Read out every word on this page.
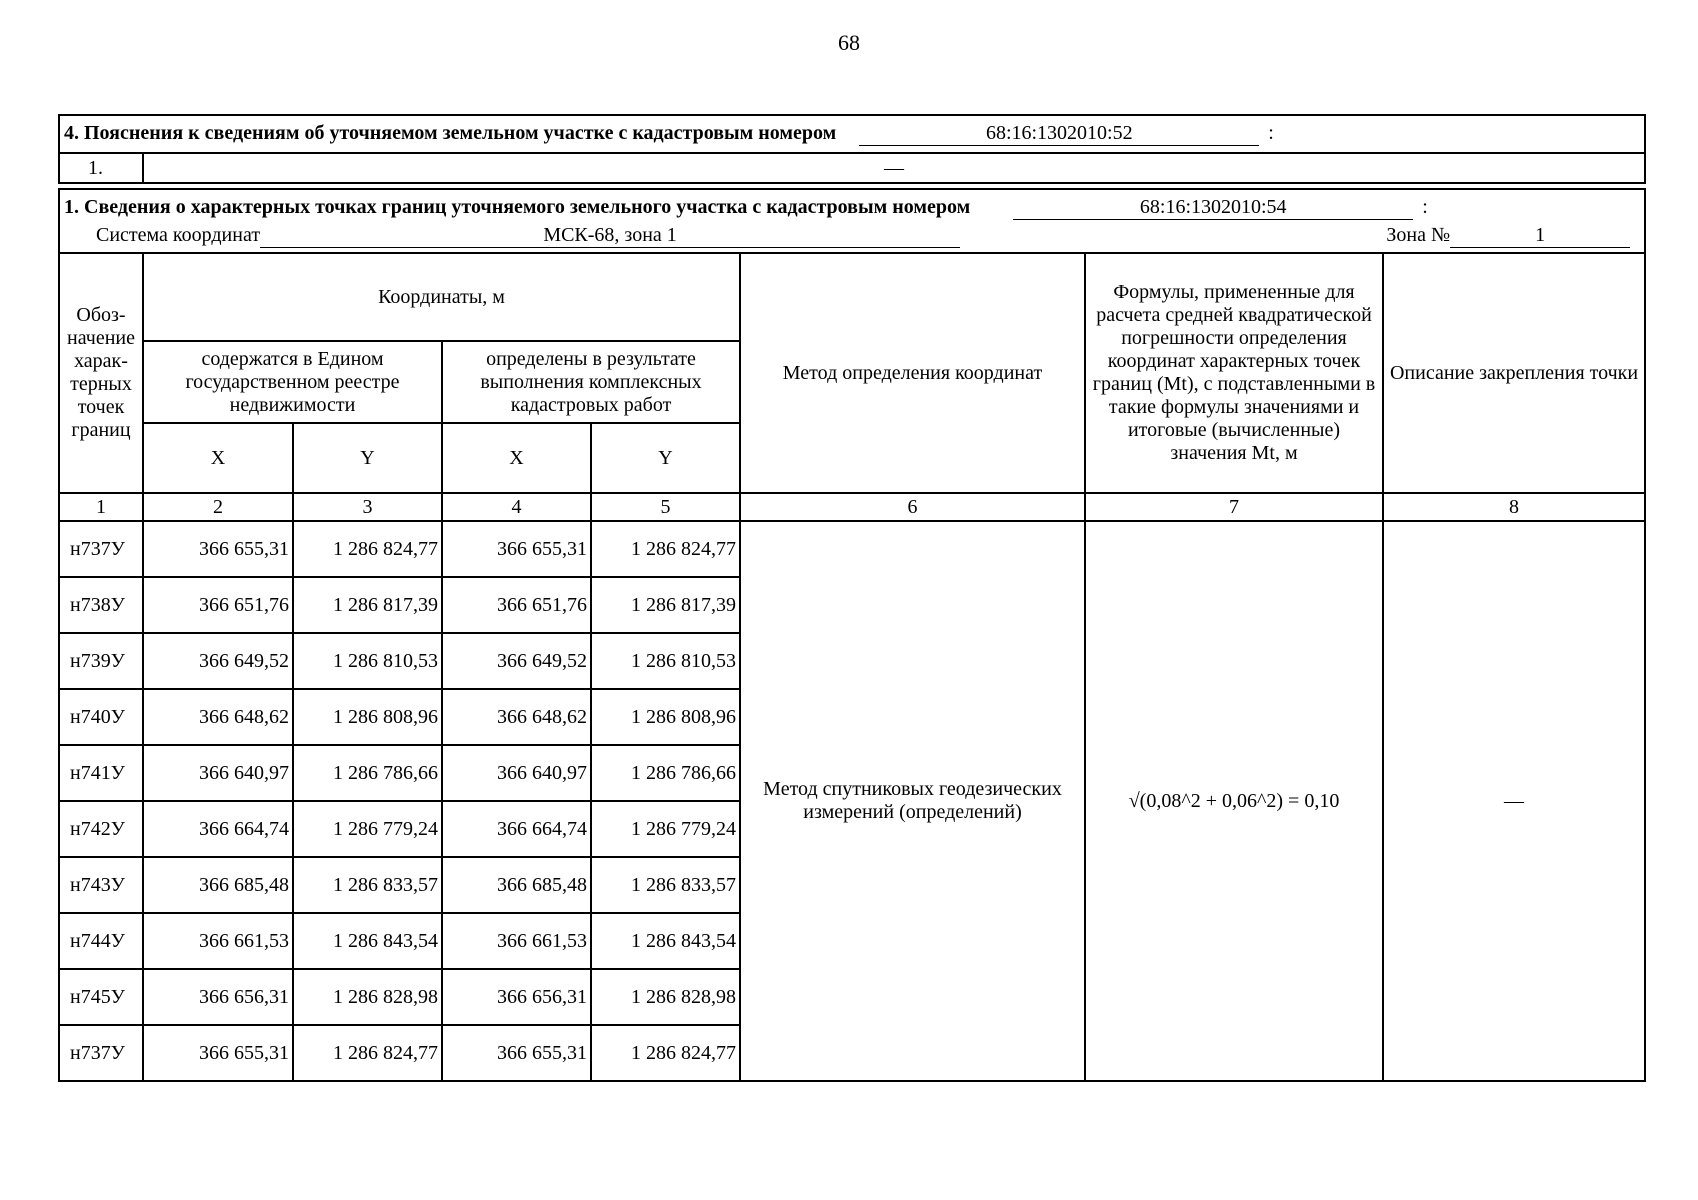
68
4. Пояснения к сведениям об уточняемом земельном участке с кадастровым номером 68:16:1302010:52 :							
1.	—						

1. Сведения о характерных точках границ уточняемого земельного участка с кадастровым номером 68:16:1302010:54 :
Система координат МСК-68, зона 1 Зона № 1							

Обоз-начение харак-терных точек границ	Координаты, м				Метод определения координат	Формулы, примененные для расчета средней квадратической погрешности определения координат характерных точек границ (Mt), с подставленными в такие формулы значениями и итоговые (вычисленные) значения Mt, м	Описание закрепления точки
	содержатся в Едином государственном реестре недвижимости		определены в результате выполнения комплексных кадастровых работ				
	X	Y	X	Y			
1	2	3	4	5	6	7	8
н737У	366 655,31	1 286 824,77	366 655,31	1 286 824,77	Метод спутниковых геодезических измерений (определений)	√(0,08^2 + 0,06^2) = 0,10	—
н738У	366 651,76	1 286 817,39	366 651,76	1 286 817,39			
н739У	366 649,52	1 286 810,53	366 649,52	1 286 810,53			
н740У	366 648,62	1 286 808,96	366 648,62	1 286 808,96			
н741У	366 640,97	1 286 786,66	366 640,97	1 286 786,66			
н742У	366 664,74	1 286 779,24	366 664,74	1 286 779,24			
н743У	366 685,48	1 286 833,57	366 685,48	1 286 833,57			
н744У	366 661,53	1 286 843,54	366 661,53	1 286 843,54			
н745У	366 656,31	1 286 828,98	366 656,31	1 286 828,98			
н737У	366 655,31	1 286 824,77	366 655,31	1 286 824,77			
